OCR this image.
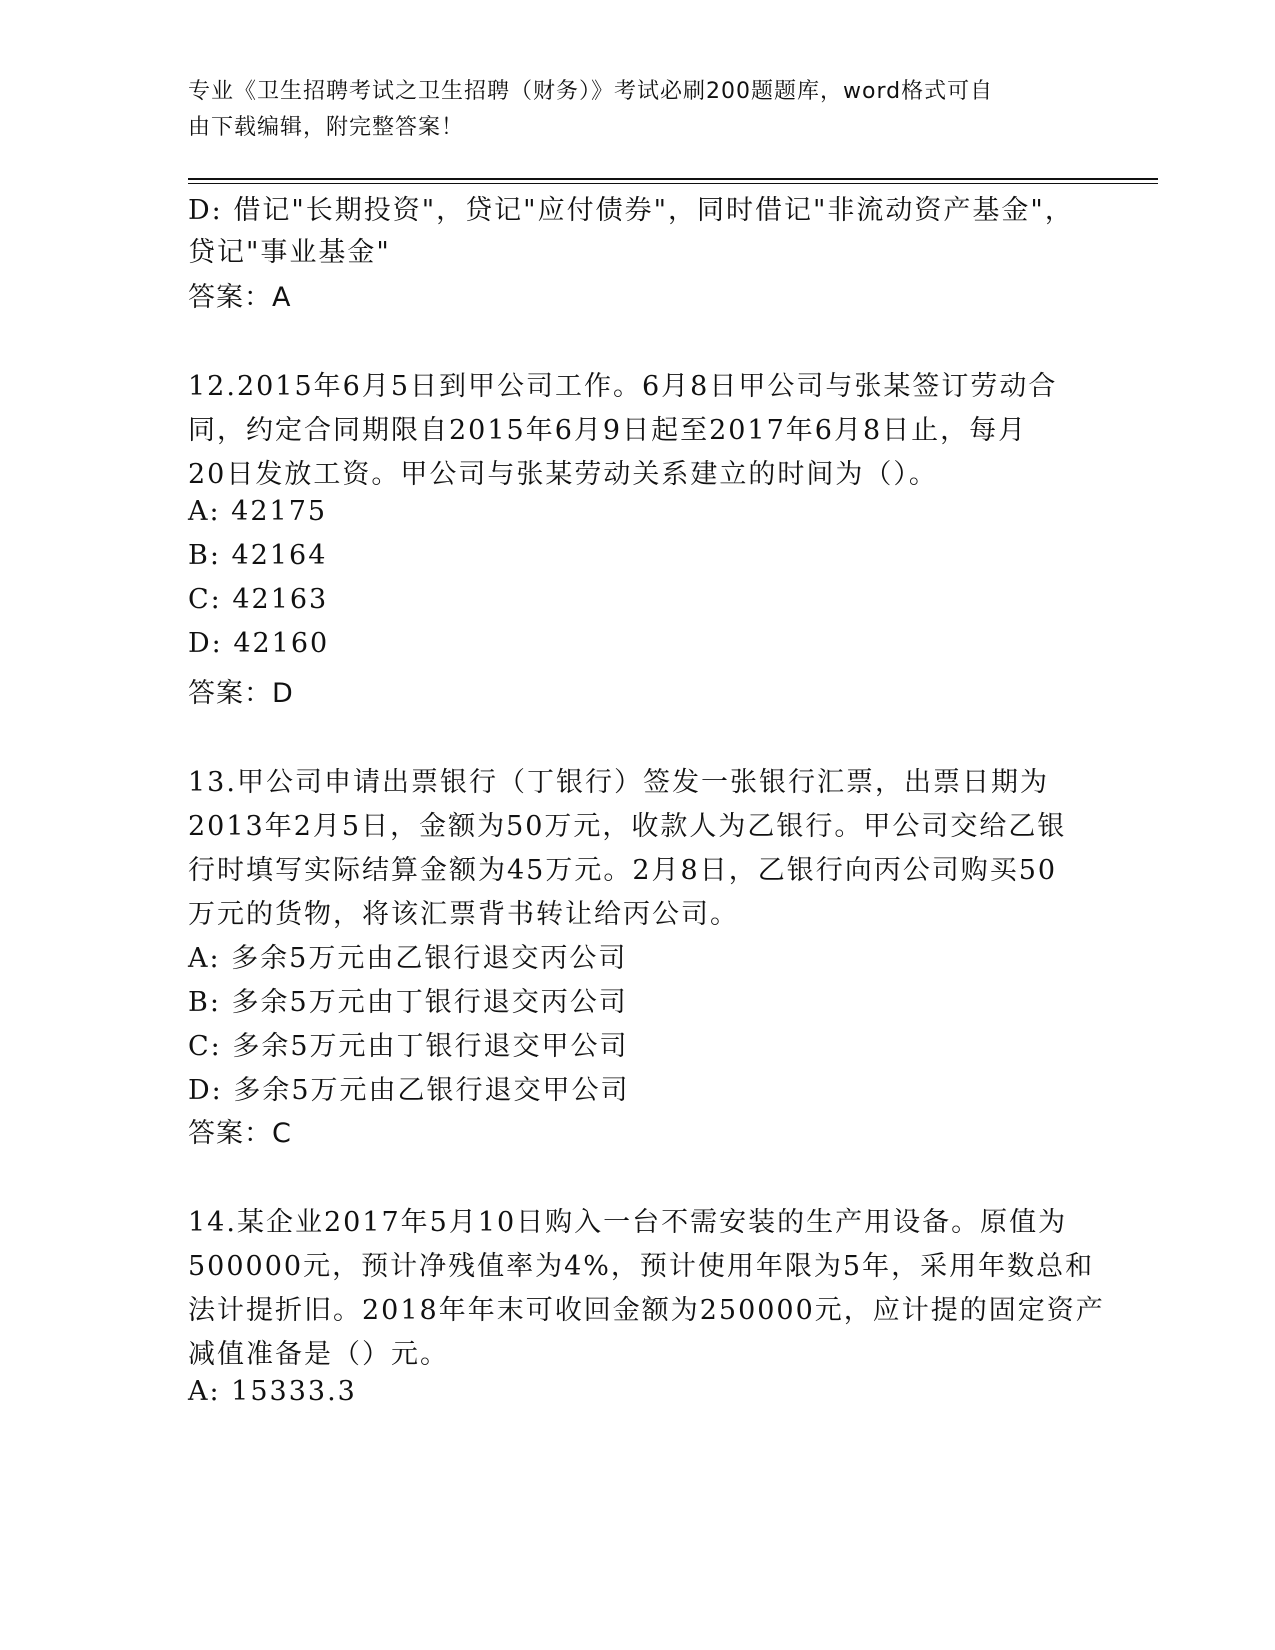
专业《卫生招聘考试之卫生招聘（财务）》考试必刷200题题库，word格式可自
由下载编辑，附完整答案！
D: 借记"长期投资"，贷记"应付债券"，同时借记"非流动资产基金"，
贷记"事业基金"
答案：A
12.2015年6月5日到甲公司工作。6月8日甲公司与张某签订劳动合
同，约定合同期限自2015年6月9日起至2017年6月8日止，每月
20日发放工资。甲公司与张某劳动关系建立的时间为（）。
A: 42175
B: 42164
C: 42163
D: 42160
答案：D
13.甲公司申请出票银行（丁银行）签发一张银行汇票，出票日期为
2013年2月5日，金额为50万元，收款人为乙银行。甲公司交给乙银
行时填写实际结算金额为45万元。2月8日，乙银行向丙公司购买50
万元的货物，将该汇票背书转让给丙公司。
A: 多余5万元由乙银行退交丙公司
B: 多余5万元由丁银行退交丙公司
C: 多余5万元由丁银行退交甲公司
D: 多余5万元由乙银行退交甲公司
答案：C
14.某企业2017年5月10日购入一台不需安装的生产用设备。原值为
500000元，预计净残值率为4%，预计使用年限为5年，采用年数总和
法计提折旧。2018年年末可收回金额为250000元，应计提的固定资产
减值准备是（）元。
A: 15333.3
